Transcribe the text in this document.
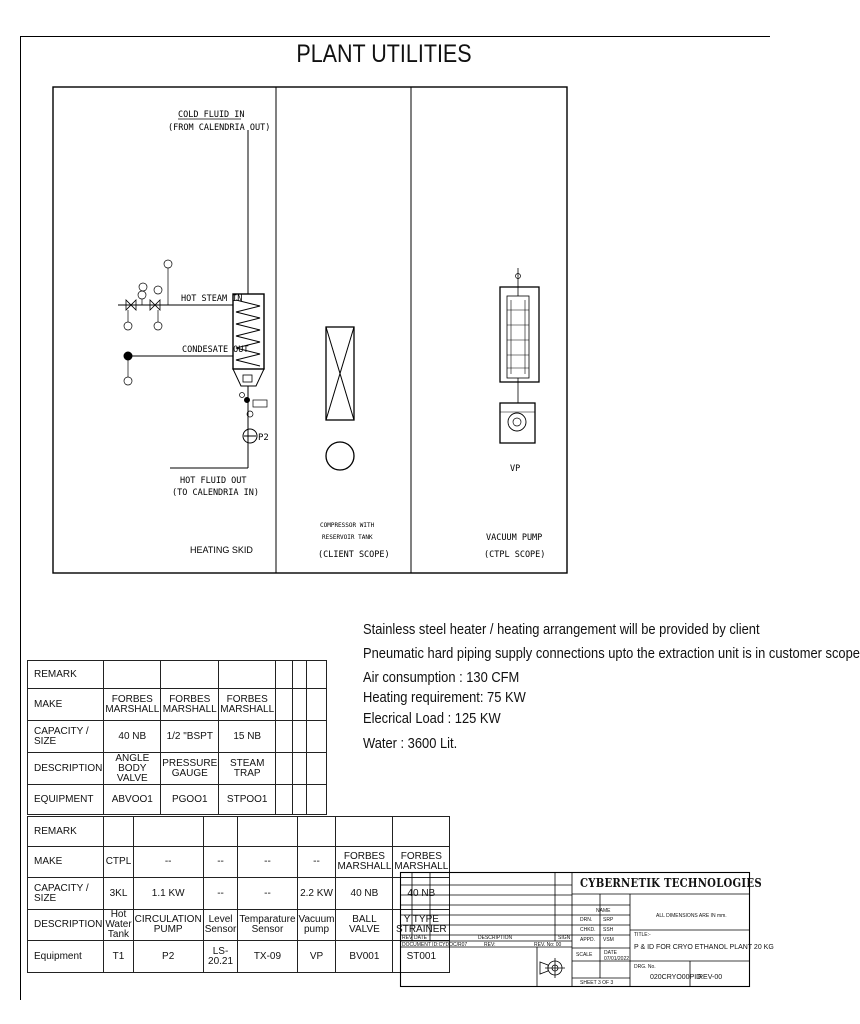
PLANT UTILITIES
COLD FLUID IN
(FROM CALENDRIA OUT)
HOT STEAM IN
CONDESATE OUT
P2
HOT FLUID OUT
(TO CALENDRIA IN)
HEATING SKID
COMPRESSOR WITH
RESERVOIR TANK
(CLIENT SCOPE)
VP
VACUUM PUMP
(CTPL SCOPE)
Stainless steel heater / heating arrangement will be provided by client
Pneumatic hard piping supply connections upto the extraction unit is in customer scope
Air consumption : 130 CFM
Heating requirement: 75 KW
Elecrical Load : 125 KW
Water : 3600 Lit.
REMARK						
MAKE	FORBES MARSHALL	FORBES MARSHALL	FORBES MARSHALL			
CAPACITY / SIZE	40 NB	1/2 "BSPT	15 NB			
DESCRIPTION	ANGLE BODY VALVE	PRESSURE GAUGE	STEAM TRAP			
EQUIPMENT	ABVOO1	PGOO1	STPOO1			
REMARK							
MAKE	CTPL	--	--	--	--	FORBES MARSHALL	FORBES MARSHALL
CAPACITY / SIZE	3KL	1.1 KW	--	--	2.2 KW	40 NB	40 NB
DESCRIPTION	Hot Water Tank	CIRCULATION PUMP	Level Sensor	Temparature Sensor	Vacuum pump	BALL VALVE	Y TYPE STRAINER
Equipment	T1	P2	LS- 20.21	TX-09	VP	BV001	ST001
CYBERNETIK TECHNOLOGIES
NAME
ALL DIMENSIONS ARE IN mm.
DRN. SRP
CHKD. SSH
APPD. VSM
TITLE:-
P & ID FOR CRYO ETHANOL PLANT 20 KG
SCALE DATE
07/01/2022
DRG. No.
020CRYO00PID
REV-00
SHEET 3 OF 3
REV DATE	DESCRIPTION	SIGN
DOCUMENT ID:CYDOC/R07	REV:	REV. No: 00
